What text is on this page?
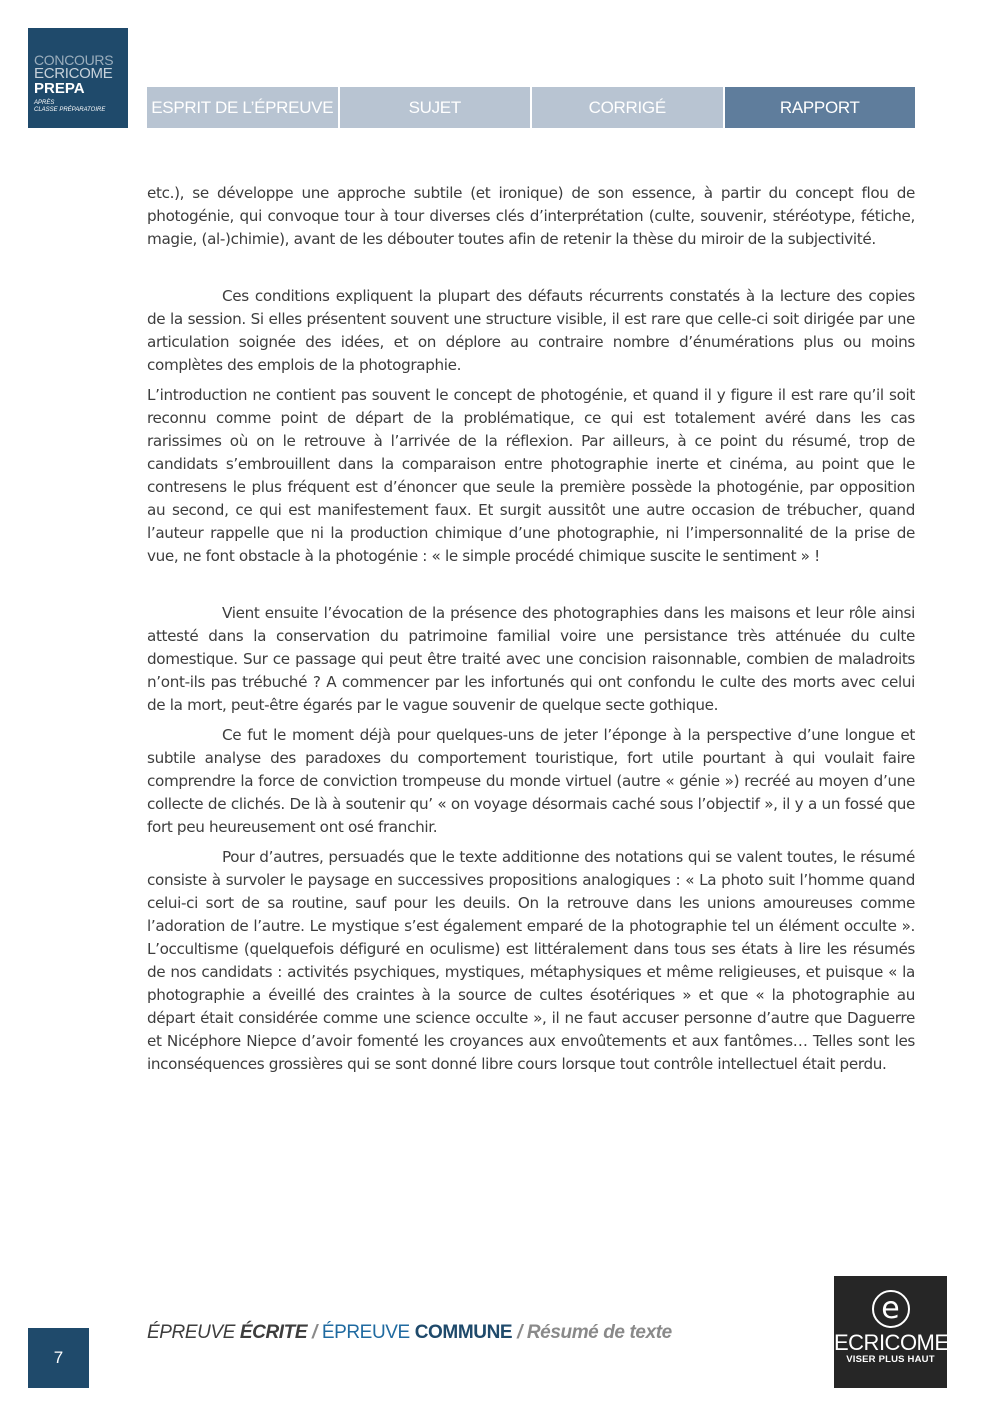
CONCOURS
ECRICOME
PREPA
APRÈS
CLASSE PRÉPARATOIRE	ESPRIT DE L’ÉPREUVE	SUJET	CORRIGÉ	RAPPORT

etc.), se développe une approche subtile (et ironique) de son essence, à partir du concept flou de photogénie, qui convoque tour à tour diverses clés d’interprétation (culte, souvenir, stéréotype, fétiche, magie, (al-)chimie), avant de les débouter toutes afin de retenir la thèse du miroir de la subjectivité.

Ces conditions expliquent la plupart des défauts récurrents constatés à la lecture des copies de la session. Si elles présentent souvent une structure visible, il est rare que celle-ci soit dirigée par une articulation soignée des idées, et on déplore au contraire nombre d’énumérations plus ou moins complètes des emplois de la photographie.

L’introduction ne contient pas souvent le concept de photogénie, et quand il y figure il est rare qu’il soit reconnu comme point de départ de la problématique, ce qui est totalement avéré dans les cas rarissimes où on le retrouve à l’arrivée de la réflexion. Par ailleurs, à ce point du résumé, trop de candidats s’embrouillent dans la comparaison entre photographie inerte et cinéma, au point que le contresens le plus fréquent est d’énoncer que seule la première possède la photogénie, par opposition au second, ce qui est manifestement faux. Et surgit aussitôt une autre occasion de trébucher, quand l’auteur rappelle que ni la production chimique d’une photographie, ni l’impersonnalité de la prise de vue, ne font obstacle à la photogénie : « le simple procédé chimique suscite le sentiment » !

Vient ensuite l’évocation de la présence des photographies dans les maisons et leur rôle ainsi attesté dans la conservation du patrimoine familial voire une persistance très atténuée du culte domestique. Sur ce passage qui peut être traité avec une concision raisonnable, combien de maladroits n’ont-ils pas trébuché ? A commencer par les infortunés qui ont confondu le culte des morts avec celui de la mort, peut-être égarés par le vague souvenir de quelque secte gothique.

Ce fut le moment déjà pour quelques-uns de jeter l’éponge à la perspective d’une longue et subtile analyse des paradoxes du comportement touristique, fort utile pourtant à qui voulait faire comprendre la force de conviction trompeuse du monde virtuel (autre « génie ») recréé au moyen d’une collecte de clichés. De là à soutenir qu’ « on voyage désormais caché sous l’objectif », il y a un fossé que fort peu heureusement ont osé franchir.

Pour d’autres, persuadés que le texte additionne des notations qui se valent toutes, le résumé consiste à survoler le paysage en successives propositions analogiques : « La photo suit l’homme quand celui-ci sort de sa routine, sauf pour les deuils. On la retrouve dans les unions amoureuses comme l’adoration de l’autre. Le mystique s’est également emparé de la photographie tel un élément occulte ». L’occultisme (quelquefois défiguré en oculisme) est littéralement dans tous ses états à lire les résumés de nos candidats : activités psychiques, mystiques, métaphysiques et même religieuses, et puisque « la photographie a éveillé des craintes à la source de cultes ésotériques » et que « la photographie au départ était considérée comme une science occulte », il ne faut accuser personne d’autre que Daguerre et Nicéphore Niepce d’avoir fomenté les croyances aux envoûtements et aux fantômes… Telles sont les inconséquences grossières qui se sont donné libre cours lorsque tout contrôle intellectuel était perdu.

7
ÉPREUVE ÉCRITE / ÉPREUVE COMMUNE / Résumé de texte
e
ECRICOME
VISER PLUS HAUT
